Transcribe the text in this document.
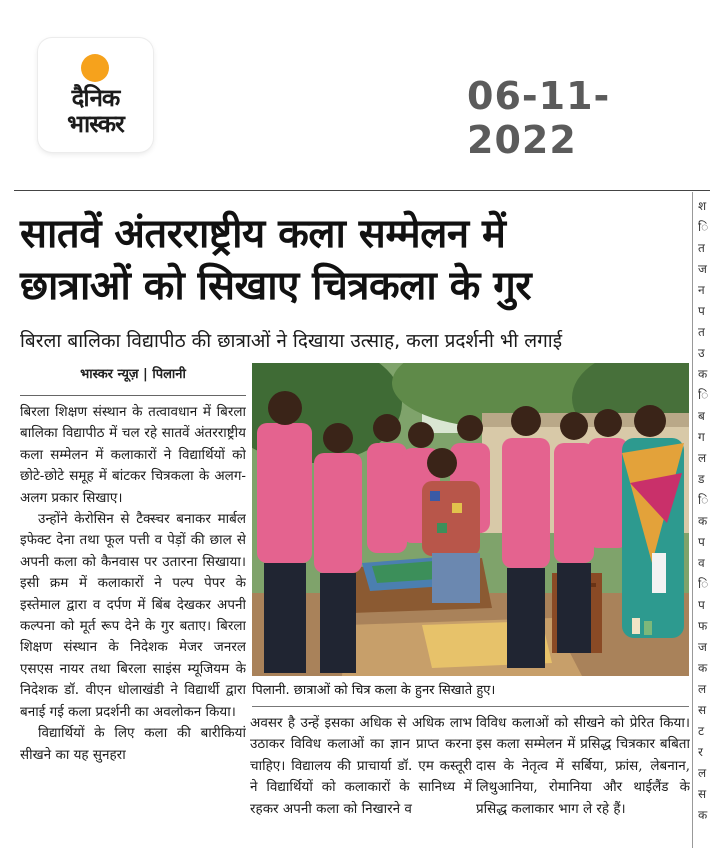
दैनिक
भास्कर
06-11-2022
सातवें अंतरराष्ट्रीय कला सम्मेलन में
छात्राओं को सिखाए चित्रकला के गुर
बिरला बालिका विद्यापीठ की छात्राओं ने दिखाया उत्साह, कला प्रदर्शनी भी लगाई
भास्कर न्यूज़ | पिलानी

बिरला शिक्षण संस्थान के तत्वावधान में बिरला बालिका विद्यापीठ में चल रहे सातवें अंतरराष्ट्रीय कला सम्मेलन में कलाकारों ने विद्यार्थियों को छोटे-छोटे समूह में बांटकर चित्रकला के अलग-अलग प्रकार सिखाए।

उन्होंने केरोसिन से टैक्स्चर बनाकर मार्बल इफेक्ट देना तथा फूल पत्ती व पेड़ों की छाल से अपनी कला को कैनवास पर उतारना सिखाया। इसी क्रम में कलाकारों ने पल्प पेपर के इस्तेमाल द्वारा व दर्पण में बिंब देखकर अपनी कल्पना को मूर्त रूप देने के गुर बताए। बिरला शिक्षण संस्थान के निदेशक मेजर जनरल एसएस नायर तथा बिरला साइंस म्यूजियम के निदेशक डॉ. वीएन धोलाखंडी ने विद्यार्थी द्वारा बनाई गई कला प्रदर्शनी का अवलोकन किया।

विद्यार्थियों के लिए कला की बारीकियां सीखने का यह सुनहरा

पिलानी. छात्राओं को चित्र कला के हुनर सिखाते हुए।

अवसर है उन्हें इसका अधिक से अधिक लाभ उठाकर विविध कलाओं का ज्ञान प्राप्त करना चाहिए। विद्यालय की प्राचार्या डॉ. एम कस्तूरी ने विद्यार्थियों को कलाकारों के सानिध्य में रहकर अपनी कला को निखारने व

विविध कलाओं को सीखने को प्रेरित किया। इस कला सम्मेलन में प्रसिद्ध चित्रकार बबिता दास के नेतृत्व में सर्बिया, फ्रांस, लेबनान, लिथुआनिया, रोमानिया और थाईलैंड के प्रसिद्ध कलाकार भाग ले रहे हैं।

श
ि
त
ज
न
प
त
उ
क
ि
ब
ग
ल
ड
ि
क
प
व
ि
प
फ
ज
क
ल
स
ट
र
ल
स
क
